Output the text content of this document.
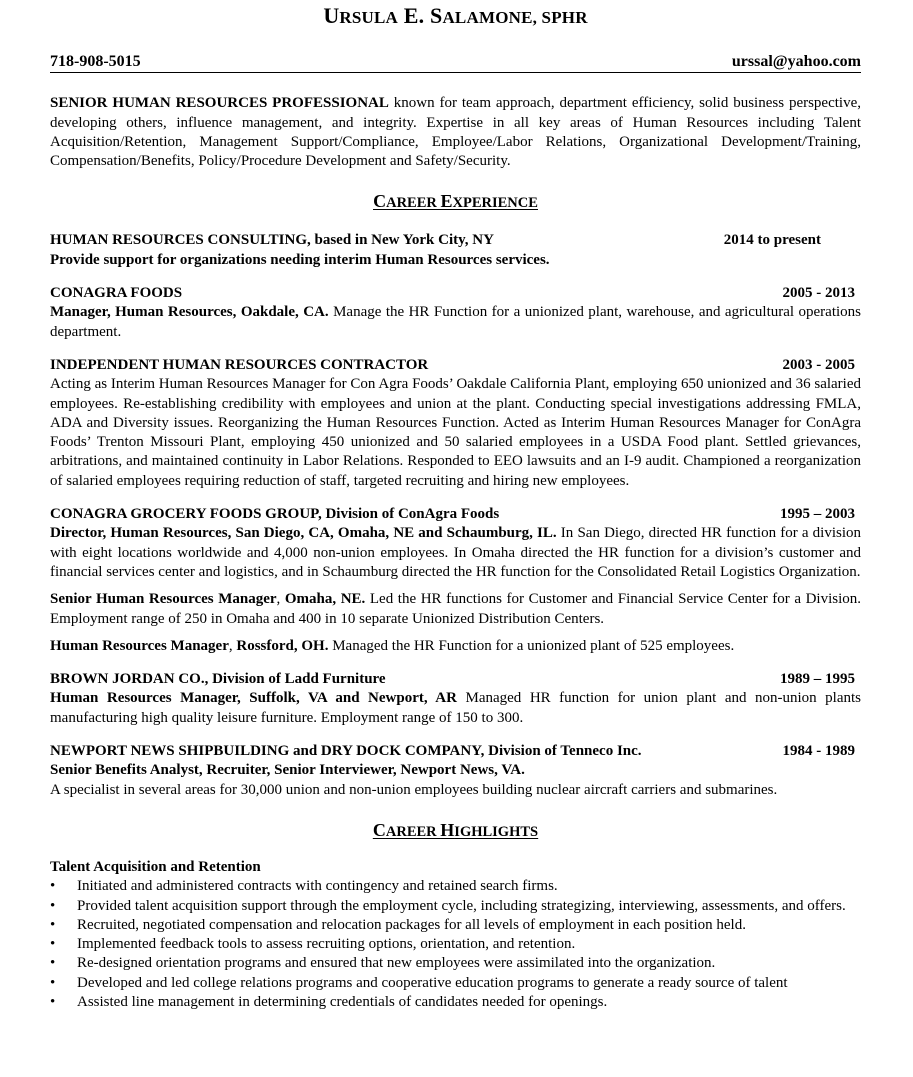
URSULA E. SALAMONE, SPHR
718-908-5015	urssal@yahoo.com

SENIOR HUMAN RESOURCES PROFESSIONAL known for team approach, department efficiency, solid business perspective, developing others, influence management, and integrity. Expertise in all key areas of Human Resources including Talent Acquisition/Retention, Management Support/Compliance, Employee/Labor Relations, Organizational Development/Training, Compensation/Benefits, Policy/Procedure Development and Safety/Security.

CAREER EXPERIENCE
HUMAN RESOURCES CONSULTING, based in New York City, NY	2014 to present

Provide support for organizations needing interim Human Resources services.

CONAGRA FOODS	2005 - 2013

Manager, Human Resources, Oakdale, CA. Manage the HR Function for a unionized plant, warehouse, and agricultural operations department.

INDEPENDENT HUMAN RESOURCES CONTRACTOR	2003 - 2005

Acting as Interim Human Resources Manager for Con Agra Foods’ Oakdale California Plant, employing 650 unionized and 36 salaried employees. Re-establishing credibility with employees and union at the plant. Conducting special investigations addressing FMLA, ADA and Diversity issues. Reorganizing the Human Resources Function. Acted as Interim Human Resources Manager for ConAgra Foods’ Trenton Missouri Plant, employing 450 unionized and 50 salaried employees in a USDA Food plant. Settled grievances, arbitrations, and maintained continuity in Labor Relations. Responded to EEO lawsuits and an I-9 audit. Championed a reorganization of salaried employees requiring reduction of staff, targeted recruiting and hiring new employees.

CONAGRA GROCERY FOODS GROUP, Division of ConAgra Foods	1995 – 2003

Director, Human Resources, San Diego, CA, Omaha, NE and Schaumburg, IL. In San Diego, directed HR function for a division with eight locations worldwide and 4,000 non-union employees. In Omaha directed the HR function for a division’s customer and financial services center and logistics, and in Schaumburg directed the HR function for the Consolidated Retail Logistics Organization.

Senior Human Resources Manager, Omaha, NE. Led the HR functions for Customer and Financial Service Center for a Division. Employment range of 250 in Omaha and 400 in 10 separate Unionized Distribution Centers.

Human Resources Manager, Rossford, OH. Managed the HR Function for a unionized plant of 525 employees.

BROWN JORDAN CO., Division of Ladd Furniture	1989 – 1995

Human Resources Manager, Suffolk, VA and Newport, AR Managed HR function for union plant and non-union plants manufacturing high quality leisure furniture. Employment range of 150 to 300.

NEWPORT NEWS SHIPBUILDING and DRY DOCK COMPANY, Division of Tenneco Inc.	1984 - 1989

Senior Benefits Analyst, Recruiter, Senior Interviewer, Newport News, VA.

A specialist in several areas for 30,000 union and non-union employees building nuclear aircraft carriers and submarines.

CAREER HIGHLIGHTS
Talent Acquisition and Retention
• Initiated and administered contracts with contingency and retained search firms.
• Provided talent acquisition support through the employment cycle, including strategizing, interviewing, assessments, and offers.
• Recruited, negotiated compensation and relocation packages for all levels of employment in each position held.
• Implemented feedback tools to assess recruiting options, orientation, and retention.
• Re-designed orientation programs and ensured that new employees were assimilated into the organization.
• Developed and led college relations programs and cooperative education programs to generate a ready source of talent
• Assisted line management in determining credentials of candidates needed for openings.
